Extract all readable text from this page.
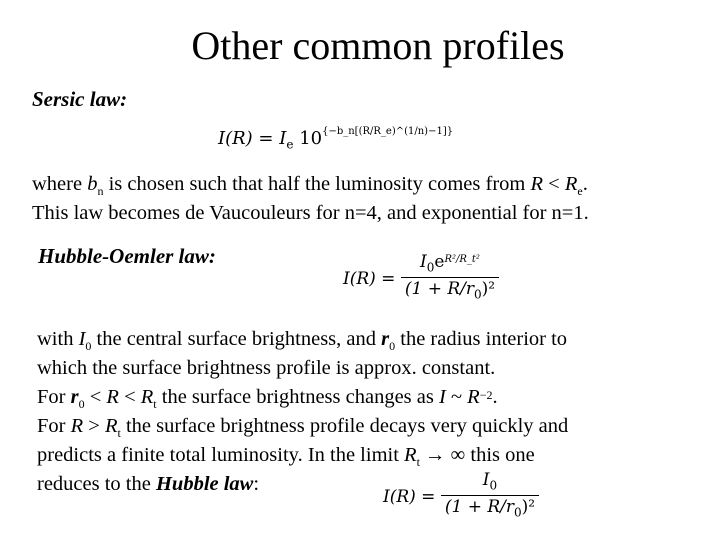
Other common profiles
Sersic law:
$I(R) = I_e$ $10^{\{-b\_n[(R/R\_e)\^{}(1/n)-1]\}}$
where $b_n$ is chosen such that half the luminosity comes from $R < R_e$.
This law becomes de Vaucouleurs for n=4, and exponential for n=1.
Hubble-Oemler law:
$I(R) = \frac{I_0e^{R^2/R\_t^2}}{(1 + R/r_0)^2}$
with $I_0$ the central surface brightness, and $r_0$ the radius interior to
which the surface brightness profile is approx. constant.
For $r_0 < R < R_t$ the surface brightness changes as I ~ $R^{-2}$.
For $R > R_t$ the surface brightness profile decays very quickly and
predicts a finite total luminosity. In the limit $R_t$ → ∞ this one
reduces to the Hubble law:
$I(R) = \frac{I_0}{(1 + R/r_0)^2}$
